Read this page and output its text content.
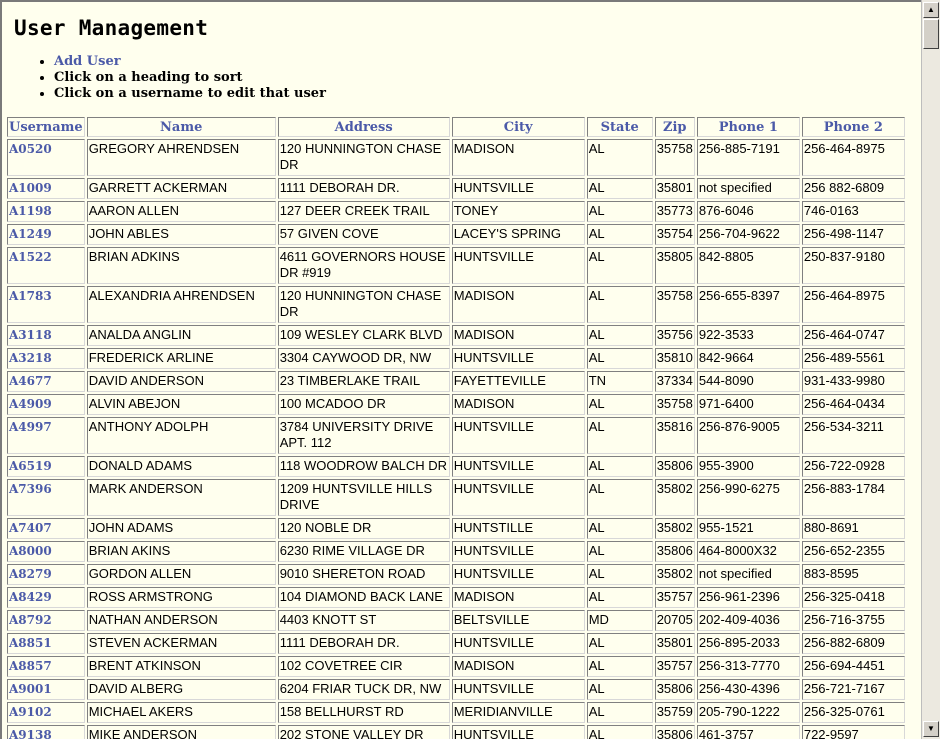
User Management
• Add User
• Click on a heading to sort
• Click on a username to edit that user
Username	Name	Address	City	State	Zip	Phone 1	Phone 2
A0520	GREGORY AHRENDSEN	120 HUNNINGTON CHASE DR	MADISON	AL	35758	256-885-7191	256-464-8975
A1009	GARRETT ACKERMAN	1111 DEBORAH DR.	HUNTSVILLE	AL	35801	not specified	256 882-6809
A1198	AARON ALLEN	127 DEER CREEK TRAIL	TONEY	AL	35773	876-6046	746-0163
A1249	JOHN ABLES	57 GIVEN COVE	LACEY'S SPRING	AL	35754	256-704-9622	256-498-1147
A1522	BRIAN ADKINS	4611 GOVERNORS HOUSE DR #919	HUNTSVILLE	AL	35805	842-8805	250-837-9180
A1783	ALEXANDRIA AHRENDSEN	120 HUNNINGTON CHASE DR	MADISON	AL	35758	256-655-8397	256-464-8975
A3118	ANALDA ANGLIN	109 WESLEY CLARK BLVD	MADISON	AL	35756	922-3533	256-464-0747
A3218	FREDERICK ARLINE	3304 CAYWOOD DR, NW	HUNTSVILLE	AL	35810	842-9664	256-489-5561
A4677	DAVID ANDERSON	23 TIMBERLAKE TRAIL	FAYETTEVILLE	TN	37334	544-8090	931-433-9980
A4909	ALVIN ABEJON	100 MCADOO DR	MADISON	AL	35758	971-6400	256-464-0434
A4997	ANTHONY ADOLPH	3784 UNIVERSITY DRIVE APT. 112	HUNTSVILLE	AL	35816	256-876-9005	256-534-3211
A6519	DONALD ADAMS	118 WOODROW BALCH DR	HUNTSVILLE	AL	35806	955-3900	256-722-0928
A7396	MARK ANDERSON	1209 HUNTSVILLE HILLS DRIVE	HUNTSVILLE	AL	35802	256-990-6275	256-883-1784
A7407	JOHN ADAMS	120 NOBLE DR	HUNTSTILLE	AL	35802	955-1521	880-8691
A8000	BRIAN AKINS	6230 RIME VILLAGE DR	HUNTSVILLE	AL	35806	464-8000X32	256-652-2355
A8279	GORDON ALLEN	9010 SHERETON ROAD	HUNTSVILLE	AL	35802	not specified	883-8595
A8429	ROSS ARMSTRONG	104 DIAMOND BACK LANE	MADISON	AL	35757	256-961-2396	256-325-0418
A8792	NATHAN ANDERSON	4403 KNOTT ST	BELTSVILLE	MD	20705	202-409-4036	256-716-3755
A8851	STEVEN ACKERMAN	1111 DEBORAH DR.	HUNTSVILLE	AL	35801	256-895-2033	256-882-6809
A8857	BRENT ATKINSON	102 COVETREE CIR	MADISON	AL	35757	256-313-7770	256-694-4451
A9001	DAVID ALBERG	6204 FRIAR TUCK DR, NW	HUNTSVILLE	AL	35806	256-430-4396	256-721-7167
A9102	MICHAEL AKERS	158 BELLHURST RD	MERIDIANVILLE	AL	35759	205-790-1222	256-325-0761
A9138	MIKE ANDERSON	202 STONE VALLEY DR	HUNTSVILLE	AL	35806	461-3757	722-9597
▲
▼
